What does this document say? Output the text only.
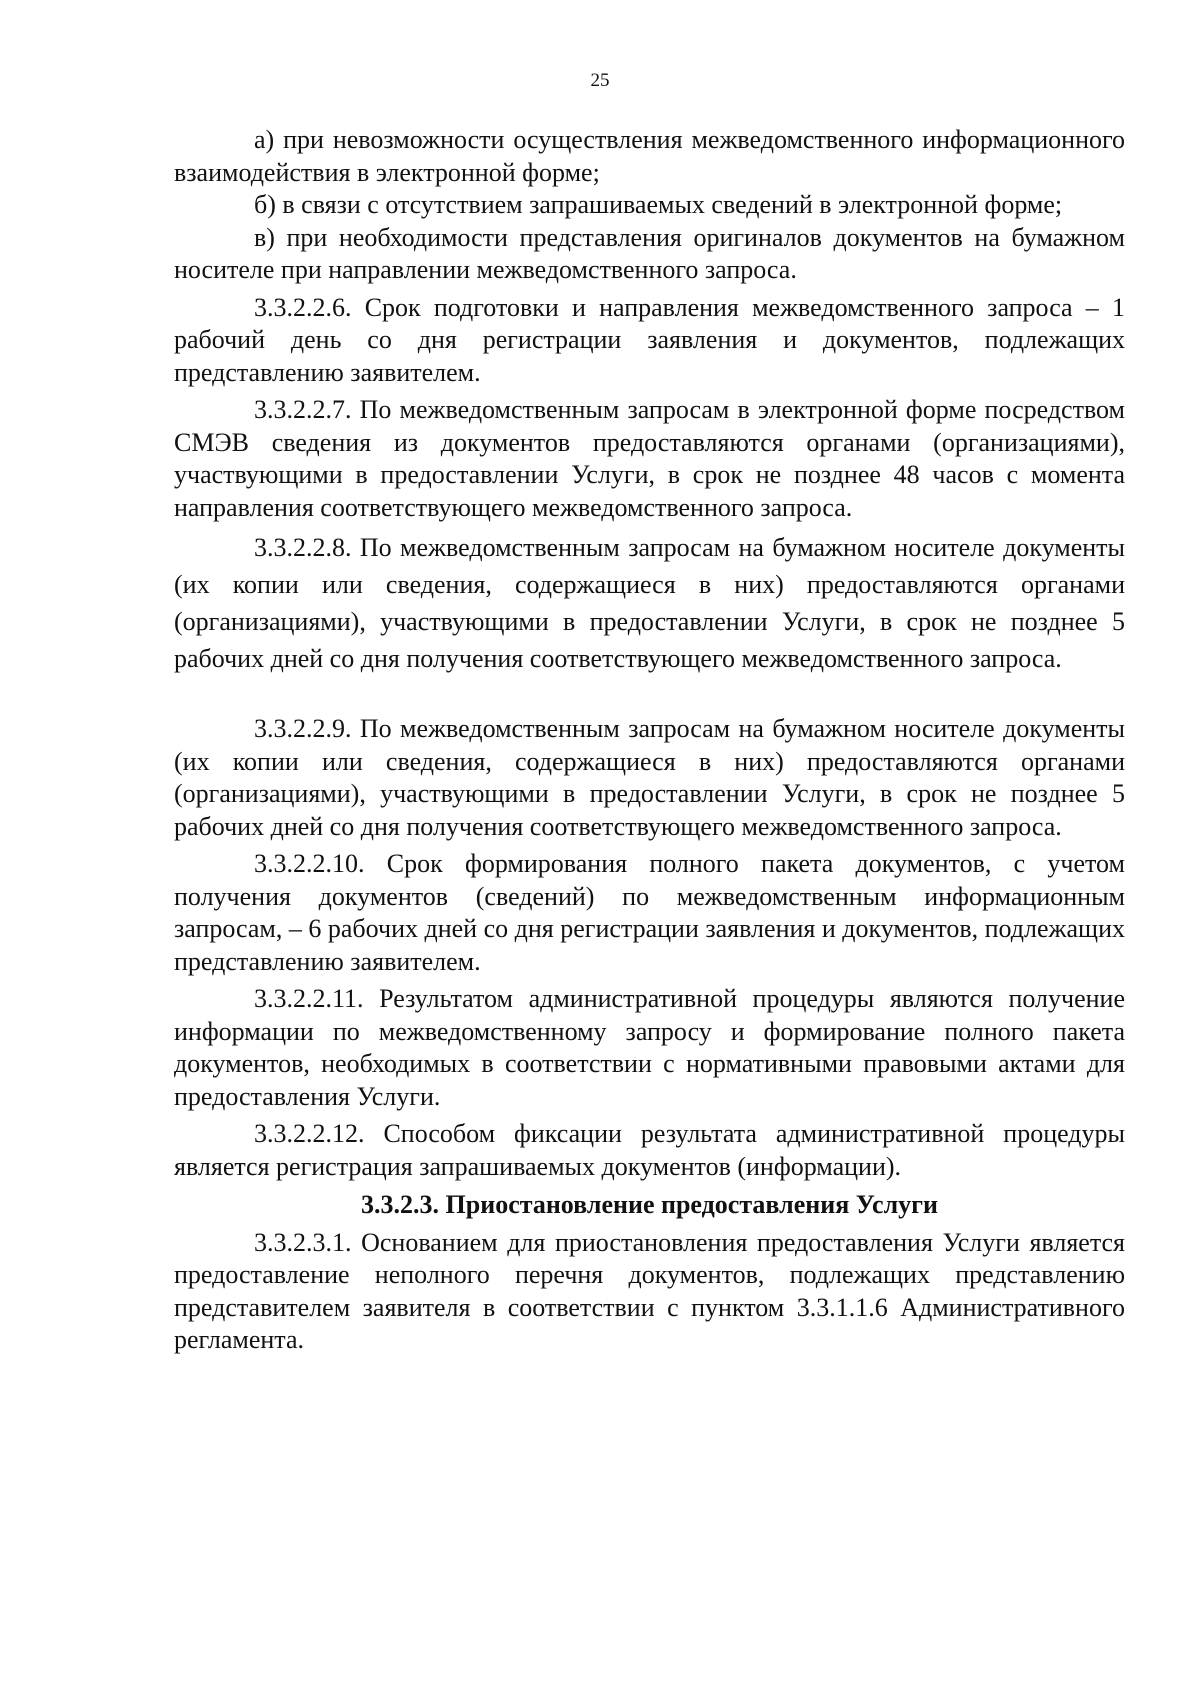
25

а) при невозможности осуществления межведомственного информационного взаимодействия в электронной форме;

б) в связи с отсутствием запрашиваемых сведений в электронной форме;

в) при необходимости представления оригиналов документов на бумажном носителе при направлении межведомственного запроса.

3.3.2.2.6. Срок подготовки и направления межведомственного запроса – 1 рабочий день со дня регистрации заявления и документов, подлежащих представлению заявителем.

3.3.2.2.7. По межведомственным запросам в электронной форме посредством СМЭВ сведения из документов предоставляются органами (организациями), участвующими в предоставлении Услуги, в срок не позднее 48 часов с момента направления соответствующего межведомственного запроса.

3.3.2.2.8. По межведомственным запросам на бумажном носителе документы (их копии или сведения, содержащиеся в них) предоставляются органами (организациями), участвующими в предоставлении Услуги, в срок не позднее 5 рабочих дней со дня получения соответствующего межведомственного запроса.

3.3.2.2.9. По межведомственным запросам на бумажном носителе документы (их копии или сведения, содержащиеся в них) предоставляются органами (организациями), участвующими в предоставлении Услуги, в срок не позднее 5 рабочих дней со дня получения соответствующего межведомственного запроса.

3.3.2.2.10. Срок формирования полного пакета документов, с учетом получения документов (сведений) по межведомственным информационным запросам, – 6 рабочих дней со дня регистрации заявления и документов, подлежащих представлению заявителем.

3.3.2.2.11. Результатом административной процедуры являются получение информации по межведомственному запросу и формирование полного пакета документов, необходимых в соответствии с нормативными правовыми актами для предоставления Услуги.

3.3.2.2.12. Способом фиксации результата административной процедуры является регистрация запрашиваемых документов (информации).

3.3.2.3. Приостановление предоставления Услуги

3.3.2.3.1. Основанием для приостановления предоставления Услуги является предоставление неполного перечня документов, подлежащих представлению представителем заявителя в соответствии с пунктом 3.3.1.1.6 Административного регламента.
